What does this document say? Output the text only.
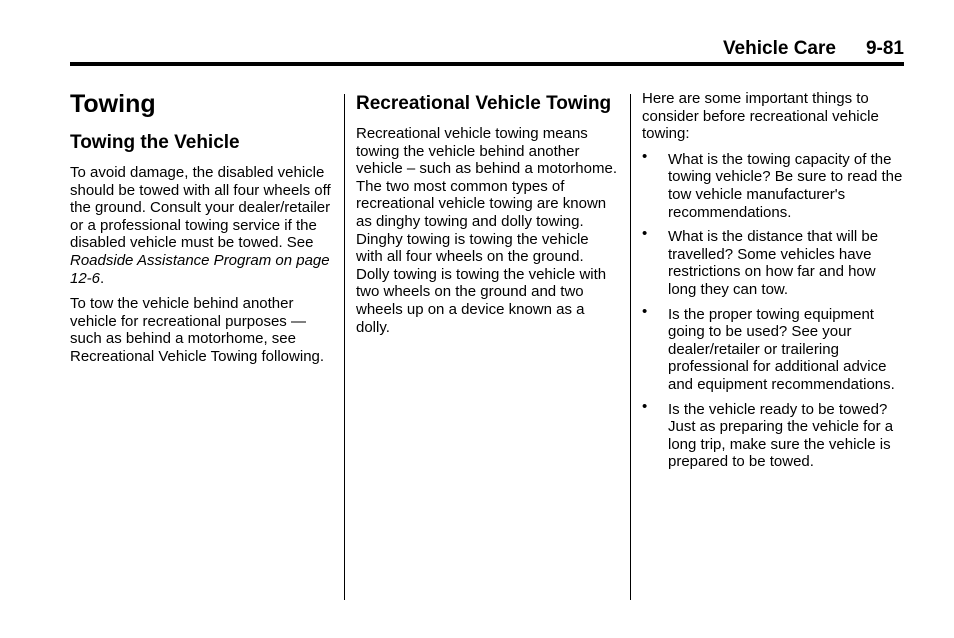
Vehicle Care 9-81
Towing
Towing the Vehicle

To avoid damage, the disabled vehicle should be towed with all four wheels off the ground. Consult your dealer/retailer or a professional towing service if the disabled vehicle must be towed. See Roadside Assistance Program on page 12-6.

To tow the vehicle behind another vehicle for recreational purposes — such as behind a motorhome, see Recreational Vehicle Towing following.

Recreational Vehicle Towing

Recreational vehicle towing means towing the vehicle behind another vehicle – such as behind a motorhome. The two most common types of recreational vehicle towing are known as dinghy towing and dolly towing. Dinghy towing is towing the vehicle with all four wheels on the ground. Dolly towing is towing the vehicle with two wheels on the ground and two wheels up on a device known as a dolly.

Here are some important things to consider before recreational vehicle towing:

• What is the towing capacity of the towing vehicle? Be sure to read the tow vehicle manufacturer's recommendations.
• What is the distance that will be travelled? Some vehicles have restrictions on how far and how long they can tow.
• Is the proper towing equipment going to be used? See your dealer/retailer or trailering professional for additional advice and equipment recommendations.
• Is the vehicle ready to be towed? Just as preparing the vehicle for a long trip, make sure the vehicle is prepared to be towed.
